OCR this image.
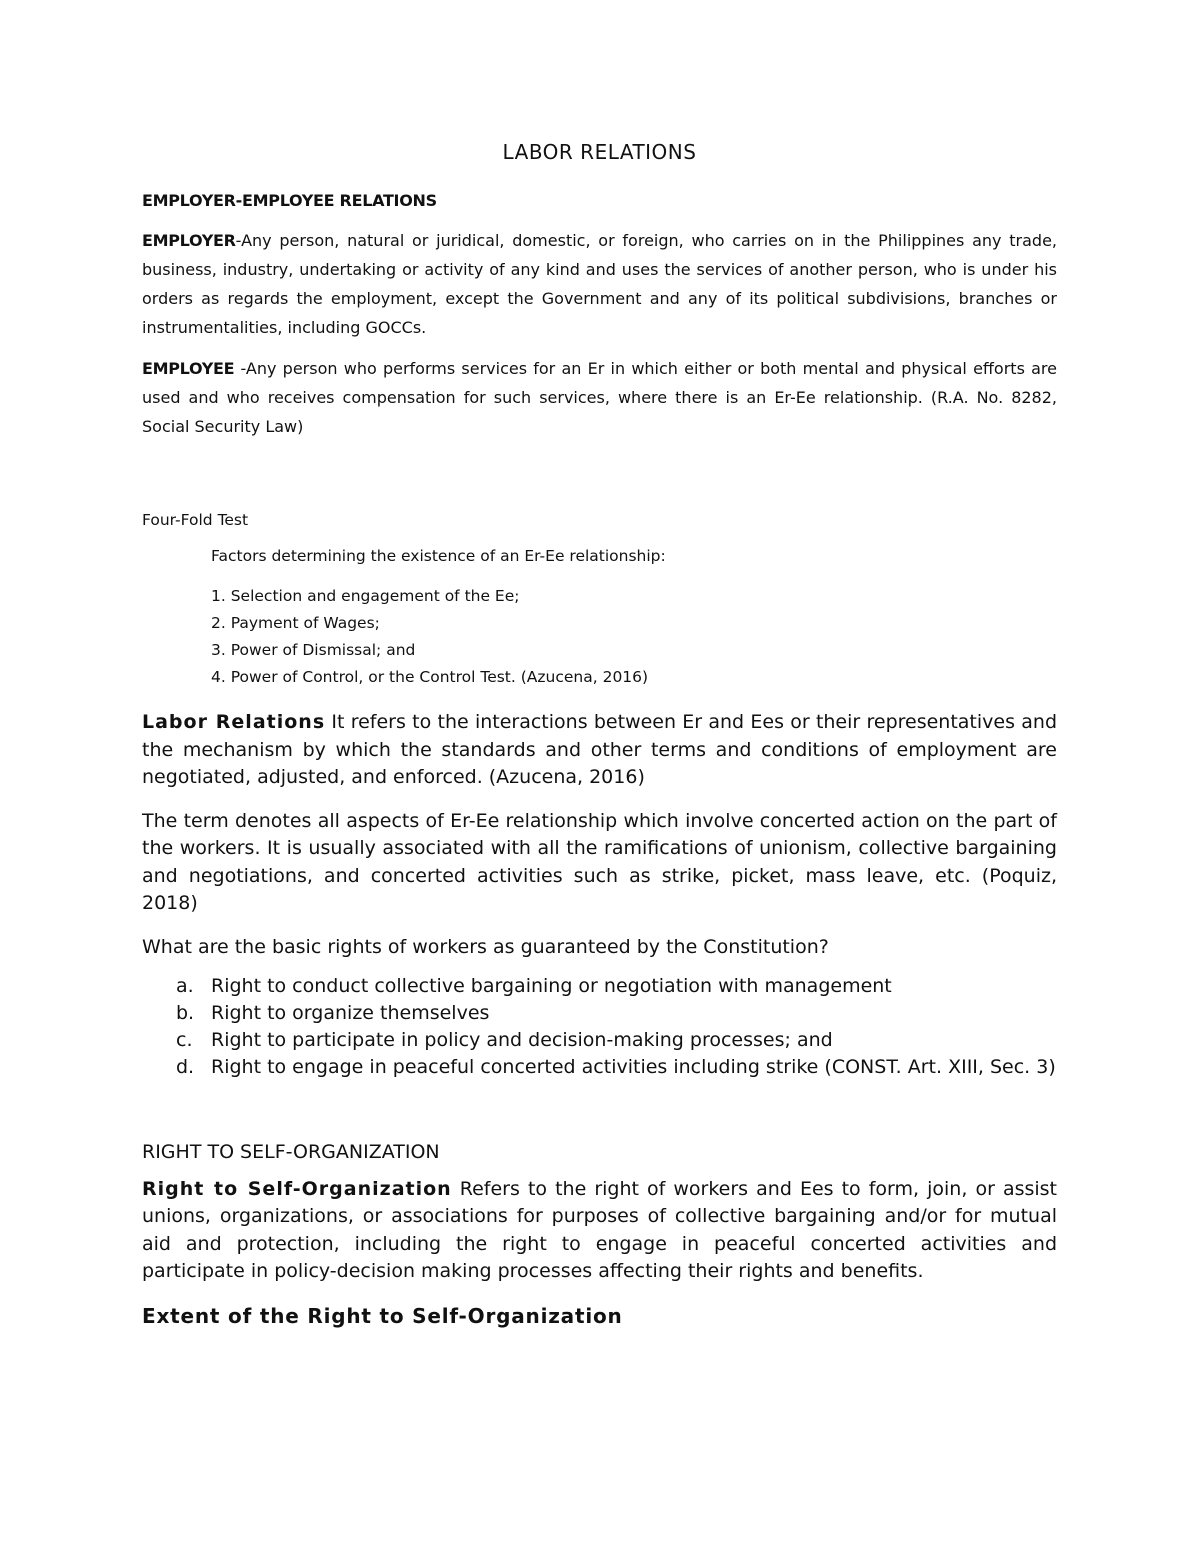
LABOR RELATIONS
EMPLOYER-EMPLOYEE RELATIONS

EMPLOYER-Any person, natural or juridical, domestic, or foreign, who carries on in the Philippines any trade, business, industry, undertaking or activity of any kind and uses the services of another person, who is under his orders as regards the employment, except the Government and any of its political subdivisions, branches or instrumentalities, including GOCCs.

EMPLOYEE -Any person who performs services for an Er in which either or both mental and physical efforts are used and who receives compensation for such services, where there is an Er-Ee relationship. (R.A. No. 8282, Social Security Law)

Four-Fold Test
Factors determining the existence of an Er-Ee relationship:
1. Selection and engagement of the Ee;
2. Payment of Wages;
3. Power of Dismissal; and
4. Power of Control, or the Control Test. (Azucena, 2016)

Labor Relations It refers to the interactions between Er and Ees or their representatives and the mechanism by which the standards and other terms and conditions of employment are negotiated, adjusted, and enforced. (Azucena, 2016)

The term denotes all aspects of Er-Ee relationship which involve concerted action on the part of the workers. It is usually associated with all the ramifications of unionism, collective bargaining and negotiations, and concerted activities such as strike, picket, mass leave, etc. (Poquiz, 2018)

What are the basic rights of workers as guaranteed by the Constitution?
a. Right to conduct collective bargaining or negotiation with management
b. Right to organize themselves
c. Right to participate in policy and decision-making processes; and
d. Right to engage in peaceful concerted activities including strike (CONST. Art. XIII, Sec. 3)
RIGHT TO SELF-ORGANIZATION

Right to Self-Organization Refers to the right of workers and Ees to form, join, or assist unions, organizations, or associations for purposes of collective bargaining and/or for mutual aid and protection, including the right to engage in peaceful concerted activities and participate in policy-decision making processes affecting their rights and benefits.

Extent of the Right to Self-Organization
